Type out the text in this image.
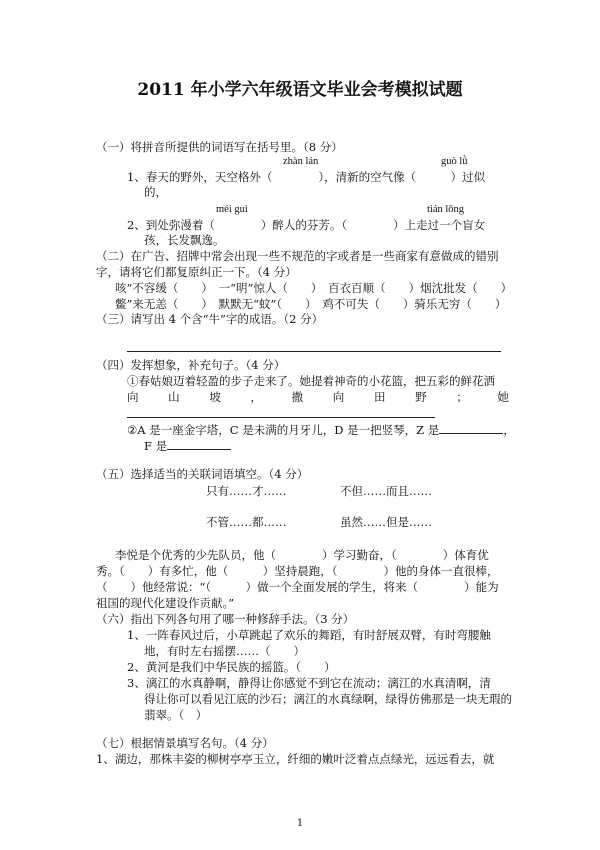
2011 年小学六年级语文毕业会考模拟试题
（一）将拼音所提供的词语写在括号里。（8 分）
zhàn lán	guò lǜ
1、春天的野外，天空格外（　　　　），清新的空气像（　　　）过似
的，
méi guì	tián lǒng
2、到处弥漫着（　　　　）醉人的芬芳。（　　　　）上走过一个盲女
孩，长发飘逸。
（二）在广告、招牌中常会出现一些不规范的字或者是一些商家有意做成的错别
字，请将它们都复原纠正一下。（4 分）
咳”不容缓（　　）　一“明”惊人（　　）　百衣百顺（　　）烟沈批发（　　）
鳖”来无恙（　　）　默默无“蚊”（　　）　鸡不可失（　　）骑乐无穷（　　）
（三）请写出 4 个含“牛”字的成语。（2 分）
（四）发挥想象，补充句子。（4 分）
①春姑娘迈着轻盈的步子走来了。她提着神奇的小花篮，把五彩的鲜花洒
向	山	坡	，	撒	向	田	野	；	她
②A 是一座金字塔，C 是未满的月牙儿，D 是一把竖琴，Z 是	，
F 是
（五）选择适当的关联词语填空。（4 分）
只有……才……	不但……而且……
不管……都……	虽然……但是……
李悦是个优秀的少先队员，他（　　　　）学习勤奋，（　　　　）体育优
秀。（　　）有多忙，他（　　　）坚持晨跑，（　　　　）他的身体一直很棒，
（　　）他经常说：“（　　　）做一个全面发展的学生，将来（　　　　）能为
祖国的现代化建设作贡献。”
（六）指出下列各句用了哪一种修辞手法。（3 分）
1、一阵春风过后，小草跳起了欢乐的舞蹈，有时舒展双臂，有时弯腰触
地，有时左右摇摆……（　　）
2、黄河是我们中华民族的摇篮。（　　）
3、漓江的水真静啊，静得让你感觉不到它在流动；漓江的水真清啊，清
得让你可以看见江底的沙石；漓江的水真绿啊，绿得仿佛那是一块无瑕的
翡翠。（　）
（七）根据情景填写名句。（4 分）
1、湖边，那株丰姿的柳树亭亭玉立，纤细的嫩叶泛着点点绿光，远远看去，就
1
